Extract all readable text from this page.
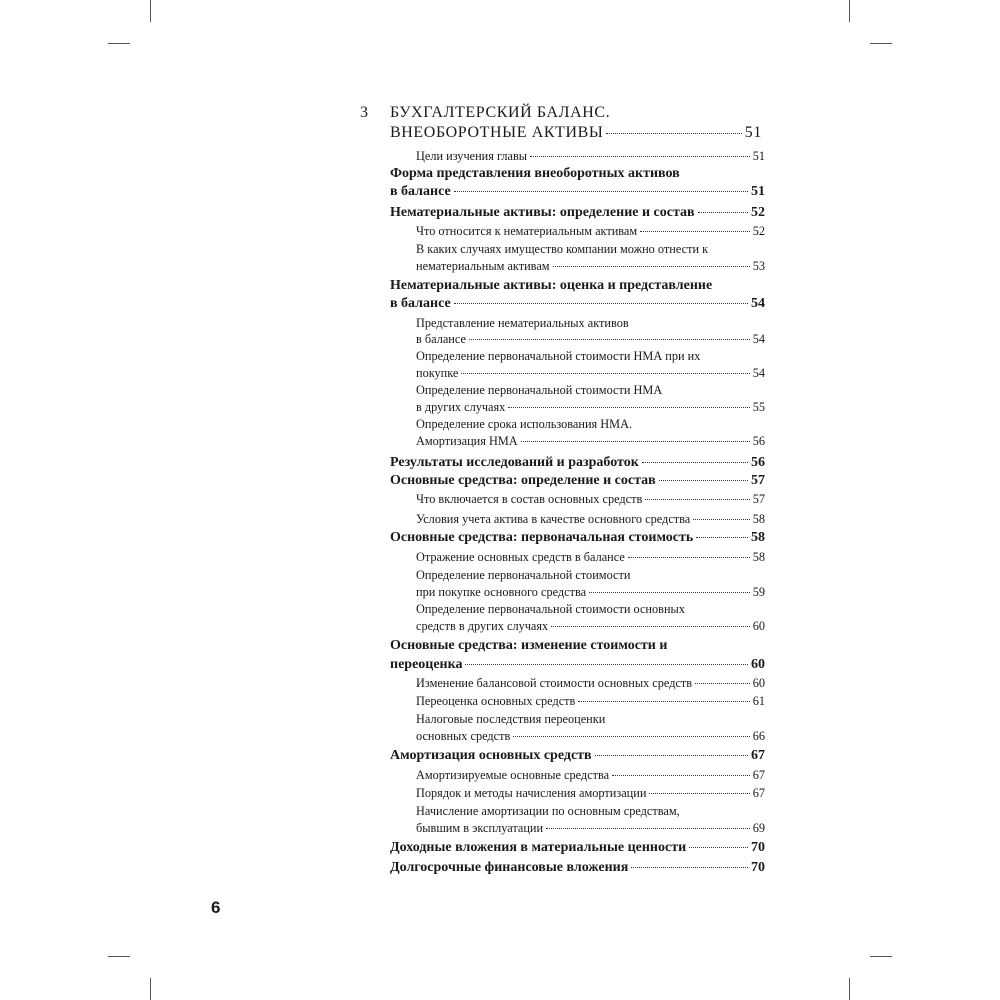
3 БУХГАЛТЕРСКИЙ БАЛАНС.
ВНЕОБОРОТНЫЕ АКТИВЫ	51
Цели изучения главы	51
Форма представления внеоборотных активов
в балансе	51
Нематериальные активы: определение и состав	52
Что относится к нематериальным активам	52
В каких случаях имущество компании можно отнести к
нематериальным активам	53
Нематериальные активы: оценка и представление
в балансе	54
Представление нематериальных активов
в балансе	54
Определение первоначальной стоимости НМА при их
покупке	54
Определение первоначальной стоимости НМА
в других случаях	55
Определение срока использования НМА.
Амортизация НМА	56
Результаты исследований и разработок	56
Основные средства: определение и состав	57
Что включается в состав основных средств	57
Условия учета актива в качестве основного средства	58
Основные средства: первоначальная стоимость	58
Отражение основных средств в балансе	58
Определение первоначальной стоимости
при покупке основного средства	59
Определение первоначальной стоимости основных
средств в других случаях	60
Основные средства: изменение стоимости и
переоценка	60
Изменение балансовой стоимости основных средств	60
Переоценка основных средств	61
Налоговые последствия переоценки
основных средств	66
Амортизация основных средств	67
Амортизируемые основные средства	67
Порядок и методы начисления амортизации	67
Начисление амортизации по основным средствам,
бывшим в эксплуатации	69
Доходные вложения в материальные ценности	70
Долгосрочные финансовые вложения	70
6
